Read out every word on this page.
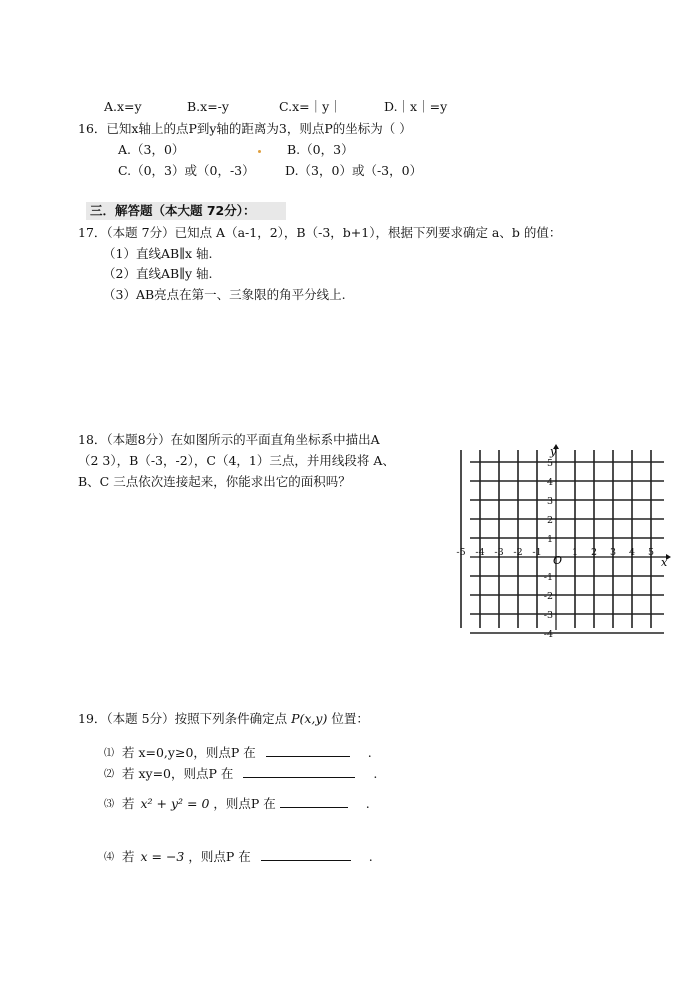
A.x=y	B.x=-y	C.x=｜y｜	D.｜x｜=y
16．已知x轴上的点P到y轴的距离为3，则点P的坐标为（ ）
A.（3，0）	B.（0，3）
C.（0，3）或（0，-3） D.（3，0）或（-3，0）
三．解答题（本大题 72分）：
17．（本题 7分）已知点 A（a-1，2），B（-3，b+1），根据下列要求确定 a、b 的值：
（1）直线AB∥x 轴.
（2）直线AB∥y 轴.
（3）AB亮点在第一、三象限的角平分线上.
18．（本题8分）在如图所示的平面直角坐标系中描出A
（2 3），B（-3，-2），C（4，1）三点，并用线段将 A、
B、C 三点依次连接起来，你能求出它的面积吗？
-5 -4 -3 -2 -1	1 2 3 4 5
5
4
3
2
1
-1
-2
-3
-4
x
y
O
19．（本题 5分）按照下列条件确定点 P(x,y) 位置：
⑴ 若 x=0,y≥0，则点P 在	.
⑵ 若 xy=0，则点P 在	.
⑶ 若 x² + y² = 0 ，则点P 在	.
⑷ 若 x = −3 ，则点P 在	.
